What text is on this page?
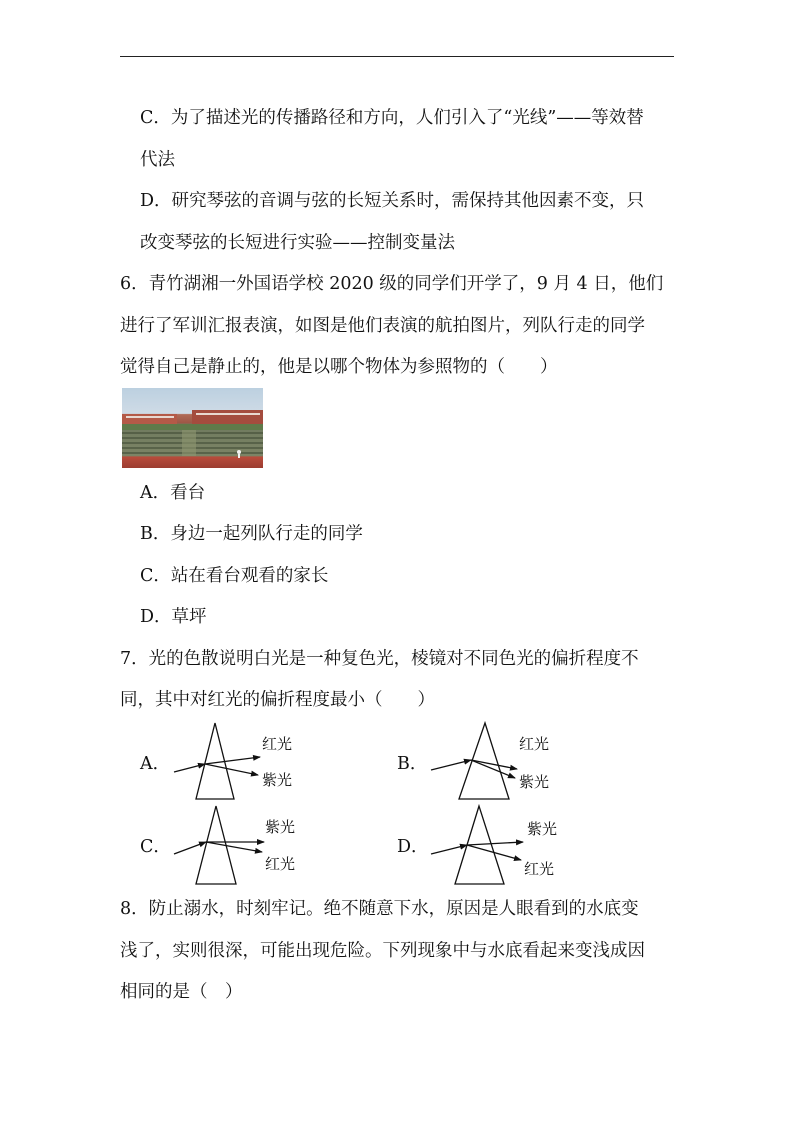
C．为了描述光的传播路径和方向，人们引入了“光线”——等效替
代法
D．研究琴弦的音调与弦的长短关系时，需保持其他因素不变，只
改变琴弦的长短进行实验——控制变量法
6．青竹湖湘一外国语学校 2020 级的同学们开学了，9 月 4 日，他们
进行了军训汇报表演，如图是他们表演的航拍图片，列队行走的同学
觉得自己是静止的，他是以哪个物体为参照物的（　　）
A．看台
B．身边一起列队行走的同学
C．站在看台观看的家长
D．草坪
7．光的色散说明白光是一种复色光，棱镜对不同色光的偏折程度不
同，其中对红光的偏折程度最小（　　）
A．
红光
紫光
B．
红光
紫光
C．
紫光
红光
D．
紫光
红光
8．防止溺水，时刻牢记。绝不随意下水，原因是人眼看到的水底变
浅了，实则很深，可能出现危险。下列现象中与水底看起来变浅成因
相同的是（　）
